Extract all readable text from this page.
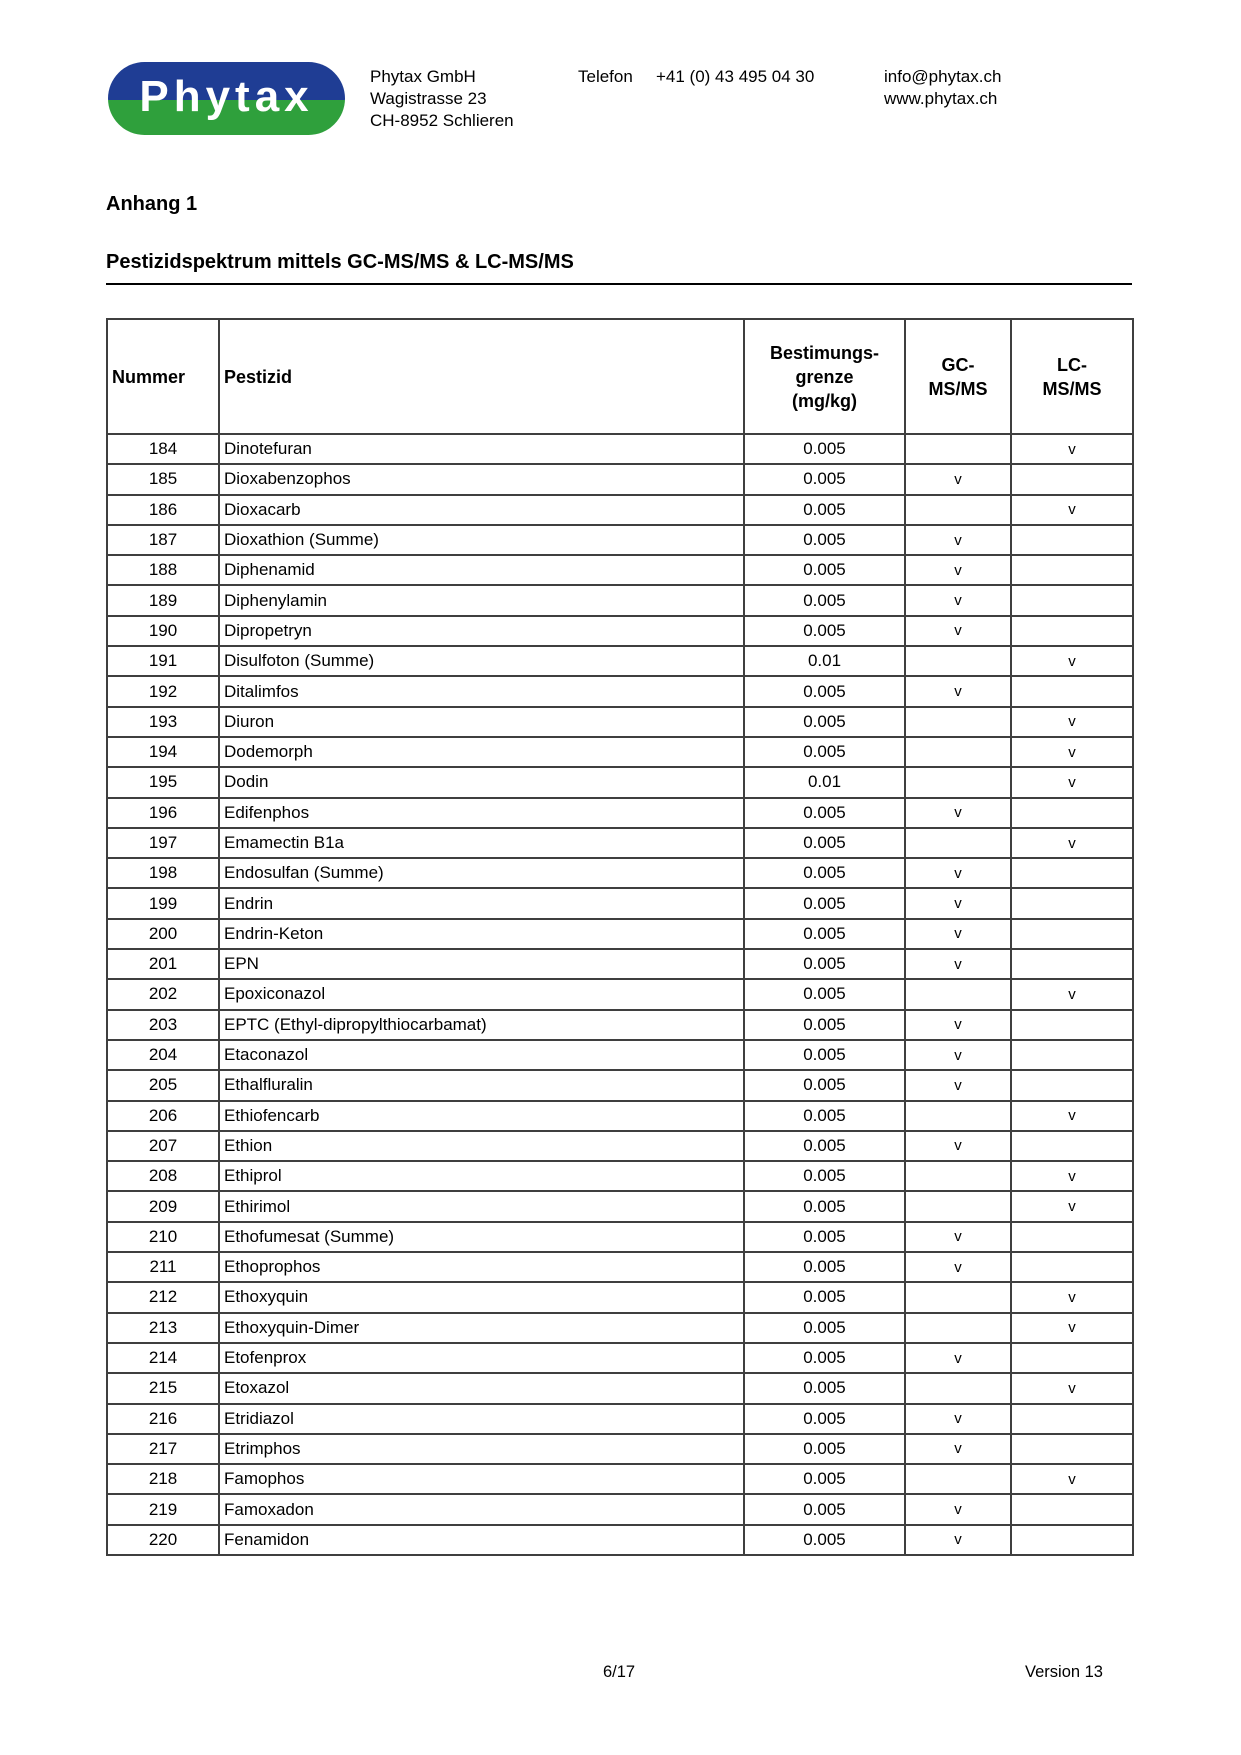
Phytax	Phytax GmbH
Wagistrasse 23
CH-8952 Schlieren
Telefon +41 (0) 43 495 04 30	info@phytax.ch
www.phytax.ch
Anhang 1
Pestizidspektrum mittels GC-MS/MS & LC-MS/MS
Nummer	Pestizid	Bestimungs-
grenze
(mg/kg)	GC-
MS/MS	LC-
MS/MS
184	Dinotefuran	0.005		v
185	Dioxabenzophos	0.005	v	
186	Dioxacarb	0.005		v
187	Dioxathion (Summe)	0.005	v	
188	Diphenamid	0.005	v	
189	Diphenylamin	0.005	v	
190	Dipropetryn	0.005	v	
191	Disulfoton (Summe)	0.01		v
192	Ditalimfos	0.005	v	
193	Diuron	0.005		v
194	Dodemorph	0.005		v
195	Dodin	0.01		v
196	Edifenphos	0.005	v	
197	Emamectin B1a	0.005		v
198	Endosulfan (Summe)	0.005	v	
199	Endrin	0.005	v	
200	Endrin-Keton	0.005	v	
201	EPN	0.005	v	
202	Epoxiconazol	0.005		v
203	EPTC (Ethyl-dipropylthiocarbamat)	0.005	v	
204	Etaconazol	0.005	v	
205	Ethalfluralin	0.005	v	
206	Ethiofencarb	0.005		v
207	Ethion	0.005	v	
208	Ethiprol	0.005		v
209	Ethirimol	0.005		v
210	Ethofumesat (Summe)	0.005	v	
211	Ethoprophos	0.005	v	
212	Ethoxyquin	0.005		v
213	Ethoxyquin-Dimer	0.005		v
214	Etofenprox	0.005	v	
215	Etoxazol	0.005		v
216	Etridiazol	0.005	v	
217	Etrimphos	0.005	v	
218	Famophos	0.005		v
219	Famoxadon	0.005	v	
220	Fenamidon	0.005	v	
6/17	Version 13
